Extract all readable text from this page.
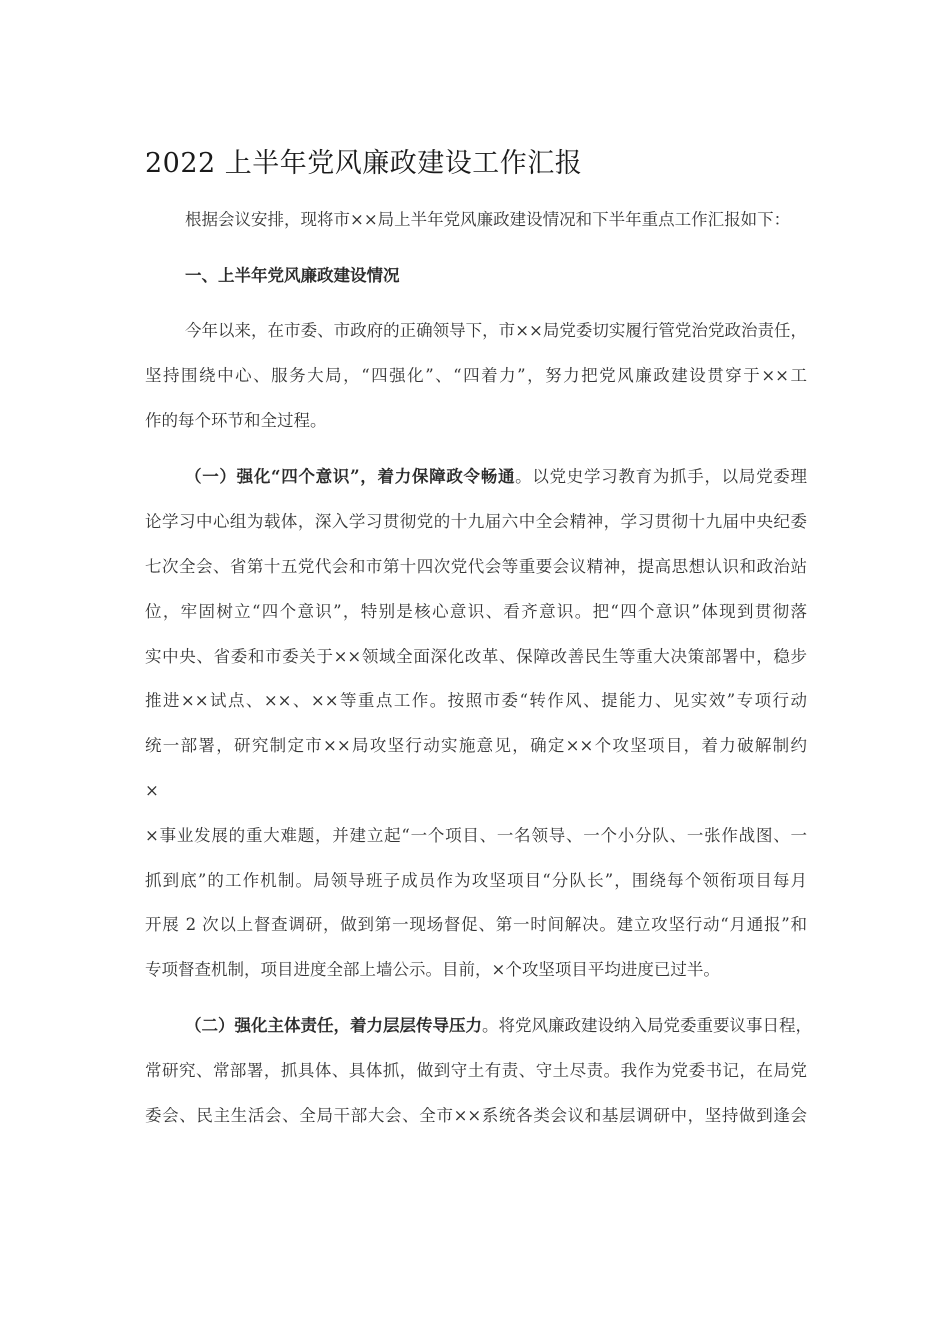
2022 上半年党风廉政建设工作汇报
根据会议安排，现将市××局上半年党风廉政建设情况和下半年重点工作汇报如下：
一、上半年党风廉政建设情况
今年以来，在市委、市政府的正确领导下，市××局党委切实履行管党治党政治责任，
坚持围绕中心、服务大局，“四强化”、“四着力”，努力把党风廉政建设贯穿于××工
作的每个环节和全过程。
（一）强化“四个意识”，着力保障政令畅通。以党史学习教育为抓手，以局党委理
论学习中心组为载体，深入学习贯彻党的十九届六中全会精神，学习贯彻十九届中央纪委
七次全会、省第十五党代会和市第十四次党代会等重要会议精神，提高思想认识和政治站
位，牢固树立“四个意识”，特别是核心意识、看齐意识。把“四个意识”体现到贯彻落
实中央、省委和市委关于××领域全面深化改革、保障改善民生等重大决策部署中，稳步
推进××试点、××、××等重点工作。按照市委“转作风、提能力、见实效”专项行动
统一部署，研究制定市××局攻坚行动实施意见，确定××个攻坚项目，着力破解制约
×
×事业发展的重大难题，并建立起“一个项目、一名领导、一个小分队、一张作战图、一
抓到底”的工作机制。局领导班子成员作为攻坚项目“分队长”，围绕每个领衔项目每月
开展 2 次以上督查调研，做到第一现场督促、第一时间解决。建立攻坚行动“月通报”和
专项督查机制，项目进度全部上墙公示。目前，×个攻坚项目平均进度已过半。
（二）强化主体责任，着力层层传导压力。将党风廉政建设纳入局党委重要议事日程，
常研究、常部署，抓具体、具体抓，做到守土有责、守土尽责。我作为党委书记，在局党
委会、民主生活会、全局干部大会、全市××系统各类会议和基层调研中，坚持做到逢会
